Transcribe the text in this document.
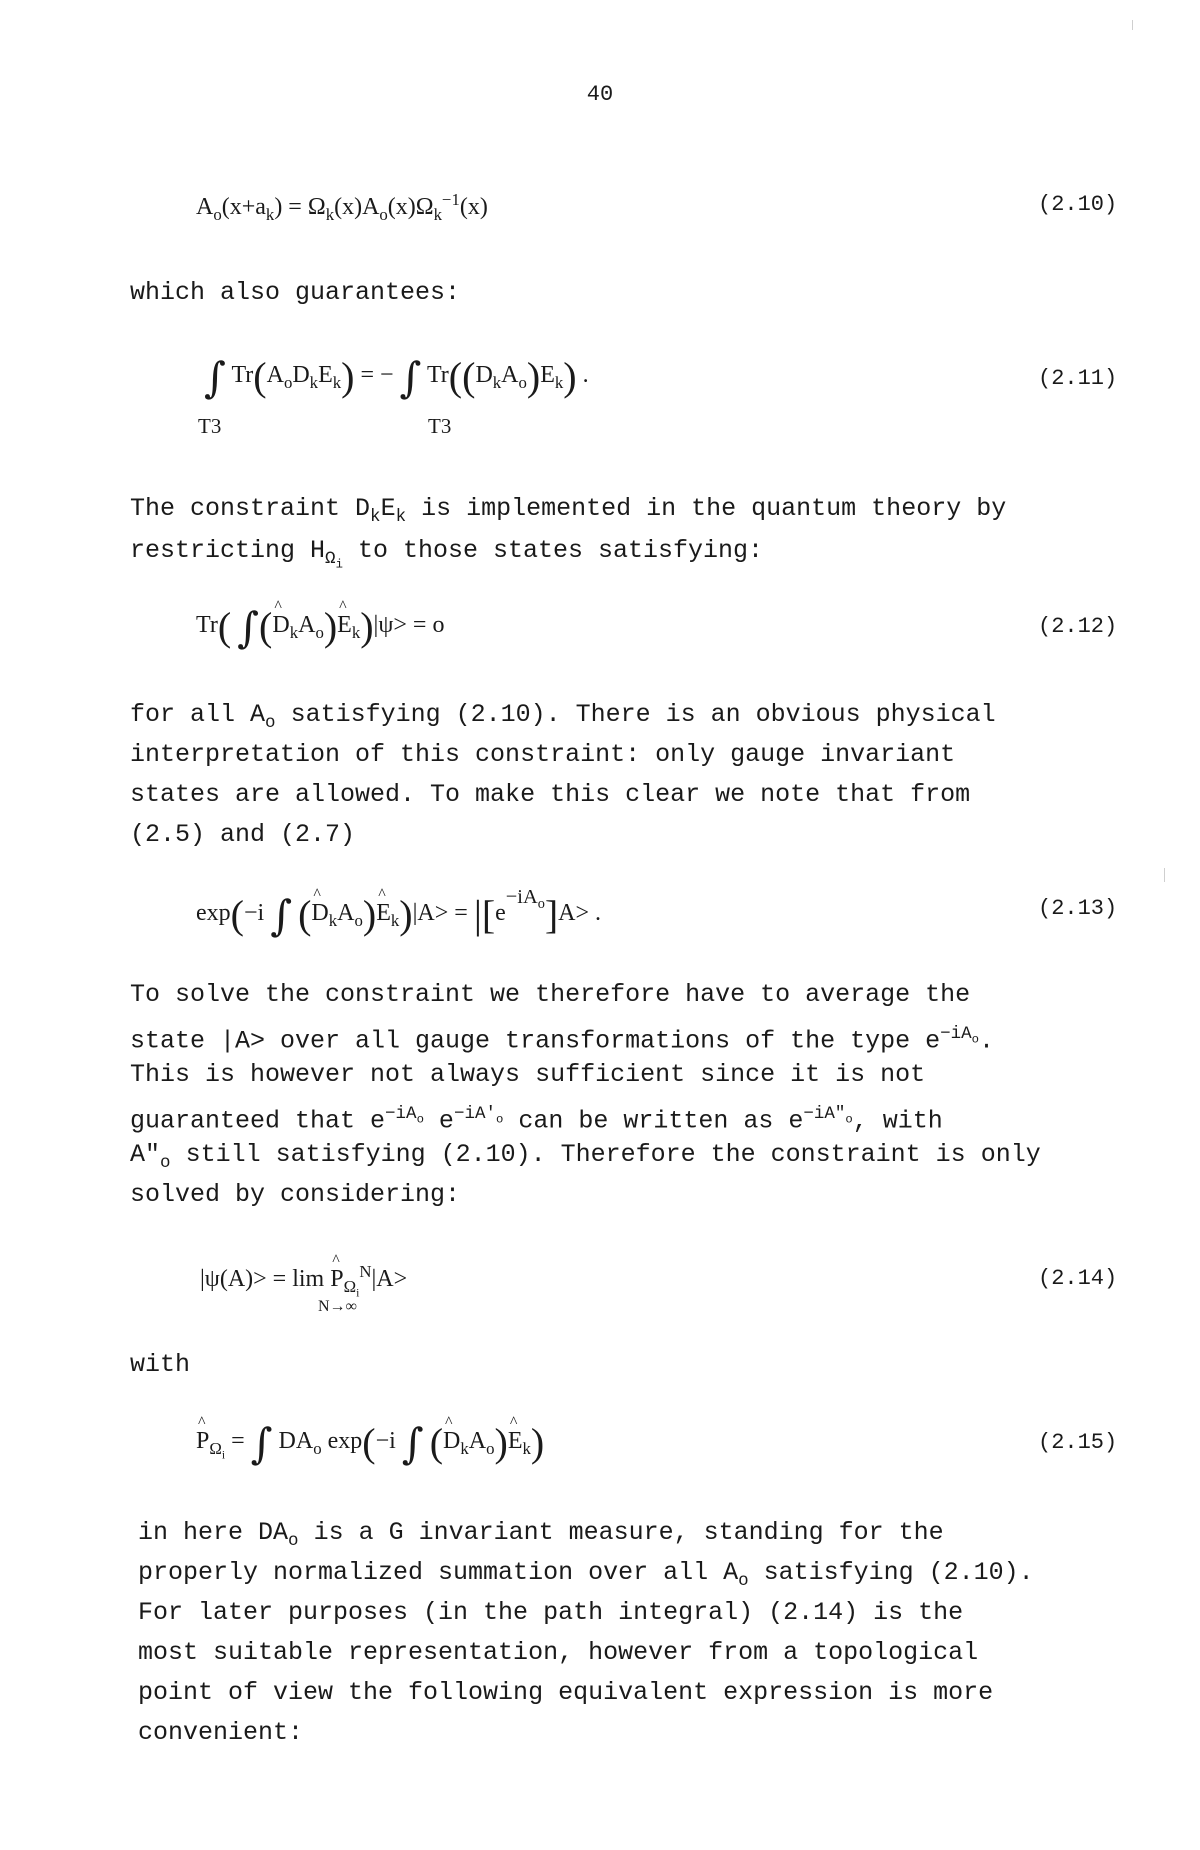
40
$A_o(x+a_k) = \Omega_k(x)A_o(x)\Omega_k^{-1}(x)$	(2.10)
which also guarantees:
∫ $Tr(A_oD_kE_k)$ = − ∫ $Tr((D_kA_o)E_k)$ .
T3	T3
(2.11)
The constraint $D_kE_k$ is implemented in the quantum theory by
restricting $H_{\Omega_i}$ to those states satisfying:
Tr( ∫(^ $D_kA_o)\^{}$ $E_k)|\psi> = o$	(2.12)
for all $A_o$ satisfying (2.10). There is an obvious physical
interpretation of this constraint: only gauge invariant
states are allowed. To make this clear we note that from
(2.5) and (2.7)
exp(−i ∫ (^ $D_kA_o)\^{}$ $E_k)|A> = |[e^{-iA_o}]A>$ .	(2.13)
To solve the constraint we therefore have to average the
state |A> over all gauge transformations of the type $e^{-iA_o}$.
This is however not always sufficient since it is not
guaranteed that $e^{-iA_o}$ $e^{-iA'_o}$ can be written as $e^{-iA"_o}$, with
$A"_o$ still satisfying (2.10). Therefore the constraint is only
solved by considering:
|ψ(A)> = lim ^ $P_{\Omega_i}^N|A>$
N→∞
(2.14)
with
^ $P_{\Omega_i}$ = ∫ $DA_o$ exp(−i ∫ (^ $D_kA_o)\^{}$ $E_k$)	(2.15)
in here $DA_o$ is a G invariant measure, standing for the
properly normalized summation over all $A_o$ satisfying (2.10).
For later purposes (in the path integral) (2.14) is the
most suitable representation, however from a topological
point of view the following equivalent expression is more
convenient:
